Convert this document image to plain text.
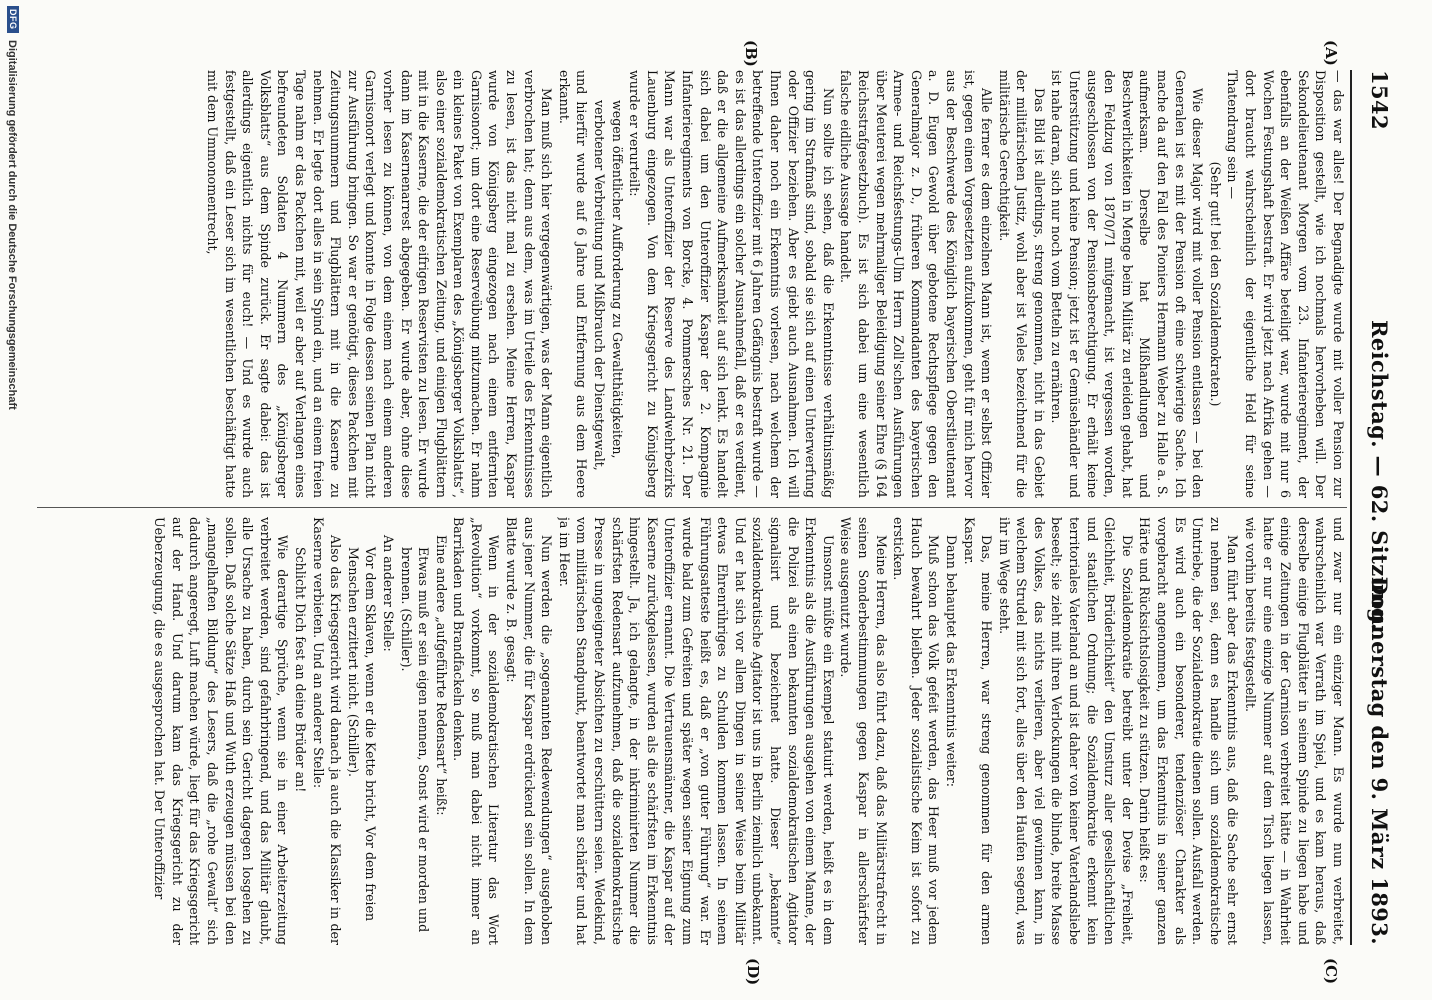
1542
Reichstag. — 62. Sitzung.
Donnerstag den 9. März 1893.
(A)
(B)
(C)
(D)

— das war alles! Der Begnadigte wurde mit voller Pension zur Disposition gestellt, wie ich nochmals hervorheben will. Der Sekondelieutenant Morgen vom 23. Infanterieregiment, der ebenfalls an der Weißen Affäre beteiligt war, wurde mit nur 6 Wochen Festungshaft bestraft. Er wird jetzt nach Afrika gehen — dort braucht wahrscheinlich der eigentliche Held für seine Thatendrang sein —

(Sehr gut! bei den Sozialdemokraten.)

Wie dieser Major wird mit voller Pension entlassen — bei den Generalen ist es mit der Pension oft eine schwierige Sache. Ich mache da auf den Fall des Pioniers Hermann Weber zu Halle a. S. aufmerksam. Derselbe hat Mißhandlungen und Beschwerlichkeiten in Menge beim Militär zu erleiden gehabt, hat den Feldzug von 1870/71 mitgemacht, ist vergessen worden, ausgeschlossen von der Pensionsberechtigung. Er erhält keine Unterstützung und keine Pension; jetzt ist er Gemüsehändler und ist nahe daran, sich nur noch vom Betteln zu ernähren.

Das Bild ist allerdings, streng genommen, nicht in das Gebiet der militärischen Justiz, wohl aber ist Vieles bezeichnend für die militärische Gerechtigkeit.

Alle ferner es dem einzelnen Mann ist, wenn er selbst Offizier ist, gegen einen Vorgesetzten aufzukommen, geht für mich hervor aus der Beschwerde des Königlich bayerischen Oberstlieutenant a. D. Eugen Gewold über gebotene Rechtspflege gegen den Generalmajor z. D., früheren Kommandanten des bayerischen Armee- und Reichsfestungs-Ulm Herrn Zoll'schen Ausführungen über Meuterei wegen mehrmaliger Beleidigung seiner Ehre (§ 164 Reichsstrafgesetzbuch). Es ist sich dabei um eine wesentlich falsche eidliche Aussage handelt.

Nun sollte ich sehen, daß die Erkenntnisse verhältnismäßig gering im Strafmaß sind, sobald sie sich auf einen Unterwerfung oder Offizier beziehen. Aber es giebt auch Ausnahmen. Ich will Ihnen daher noch ein Erkenntnis vorlesen, nach welchem der betreffende Unteroffizier mit 6 Jahren Gefängnis bestraft wurde — es ist das allerdings ein solcher Ausnahmefall, daß er es verdient, daß er die allgemeine Aufmerksamkeit auf sich lenkt. Es handelt sich dabei um den Unteroffizier Kaspar der 2. Kompagnie Infanterieregiments von Borcke, 4. Pommersches Nr. 21. Der Mann war als Unteroffizier der Reserve des Landwehrbezirks Lauenburg eingezogen. Von dem Kriegsgericht zu Königsberg wurde er verurteilt:

wegen öffentlicher Aufforderung zu Gewaltthätigkeiten, verbotener Verbreitung und Mißbrauch der Dienstgewalt,

und hierfür wurde auf 6 Jahre und Entfernung aus dem Heere erkannt.

Man muß sich hier vergegenwärtigen, was der Mann eigentlich verbrochen hat; denn aus dem, was im Urteile des Erkenntnisses zu lesen, ist das nicht mal zu ersehen. Meine Herren, Kaspar wurde von Königsberg eingezogen nach einem entfernten Garnisonort; um dort eine Reserveübung mitzumachen. Er nahm ein kleines Paket von Exemplaren des „Königsberger Volksblatts“, also einer sozialdemokratischen Zeitung, und einigen Flugblättern mit in die Kaserne, die der eifrigen Reservisten zu lesen. Er wurde dann im Kasernenarrest abgegeben. Er wurde aber, ohne diese vorher lesen zu können, von dem einem nach einem anderen Garnisonort verlegt und konnte in Folge dessen seinen Plan nicht zur Ausführung bringen. So war er genötigt, dieses Packchen mit Zeitungsnummern und Flugblättern mit in die Kaserne zu nehmen. Er legte dort alles in sein Spind ein, und an einem freien Tage nahm er das Packchen mit, weil er aber auf Verlangen eines befreundeten Soldaten 4 Nummern des „Königsberger Volksblatts“ aus dem Spinde zurück. Er sagte dabei: das ist allerdings eigentlich nichts für euch! — Und es wurde auch festgestellt, daß ein Leser sich im wesentlichen beschäftigt hatte mit dem Ummonomentrecht,

und zwar nur ein einziger Mann. Es wurde nun verbreitet, wahrscheinlich war Verrath im Spiel, und es kam heraus, daß derselbe einige Flugblätter in seinem Spinde zu liegen habe und einige Zeitungen in der Garnison verbreitet hätte — in Wahrheit hatte er nur eine einzige Nummer auf dem Tisch liegen lassen, wie vorhin bereits festgestellt.

Man führt aber das Erkenntnis aus, daß die Sache sehr ernst zu nehmen sei, denn es handle sich um sozialdemokratische Umtriebe, die der Sozialdemokratie dienen sollen. Ausfall werden. Es wird auch ein besonderer, tendenziöser Charakter als vorgebracht angenommen, um das Erkenntnis in seiner ganzen Härte und Rücksichtslosigkeit zu stützen. Darin heißt es:

Die Sozialdemokratie betreibt unter der Devise „Freiheit, Gleichheit, Brüderlichkeit“ den Umsturz aller gesellschaftlichen und staatlichen Ordnung; die Sozialdemokratie erkennt kein territoriales Vaterland an und ist daher von keiner Vaterlandsliebe beseelt; sie zieht mit ihren Verlockungen die blinde, breite Masse des Volkes, das nichts verlieren, aber viel gewinnen kann, in welchem Strudel mit sich fort, alles über den Haufen segend, was ihr im Wege steht.

Das, meine Herren, war streng genommen für den armen Kaspar.

Dann behauptet das Erkenntnis weiter:

Muß schon das Volk gefeit werden, das Heer muß vor jedem Hauch bewahrt bleiben. Jeder sozialistische Keim ist sofort zu ersticken.

Meine Herren, das also führt dazu, daß das Militärstrafrecht in seinen Sonderbestimmungen gegen Kaspar in allerschärfster Weise ausgenutzt wurde.

Umsonst müßte ein Exempel statuirt werden, heißt es in dem Erkenntnis als die Ausführungen ausgehen von einem Manne, der die Polizei als einen bekannten sozialdemokratischen Agitator signalisirt und bezeichnet hatte. Dieser „bekannte“ sozialdemokratische Agitator ist uns in Berlin ziemlich unbekannt. Und er hat sich vor allem Dingen in seiner Weise beim Militär etwas Ehrenrühriges zu Schulden kommen lassen. In seinem Führungsatteste heißt es, daß er „von guter Führung“ war. Er wurde bald zum Gefreiten und später wegen seiner Eignung zum Unteroffizier ernannt. Die Vertrauensmänner, die Kaspar auf der Kaserne zurückgelassen, wurden als die schärfsten im Erkenntnis hingestellt. Ja, ich gelangte, in der inkriminirten Nummer die schärfsten Redensart aufzunehmen, daß die sozialdemokratische Presse in ungeeigneter Absichten zu erschüttern seien. Wedekind, vom militärischen Standpunkt, beantwortet man schärfer und hat ja im Heer.

Nun werden die „sogenannten Redewendungen“ ausgehoben aus jener Nummer, die für Kaspar erdrückend sein sollen. In dem Blatte wurde z. B. gesagt:

Wenn in der sozialdemokratischen Literatur das Wort „Revolution“ vorkommt, so muß man dabei nicht immer an Barrikaden und Brandfackeln denken.

Eine andere „aufgeführte Redensart“ heißt:

Etwas muß er sein eigen nennen, Sonst wird er morden und brennen. (Schiller).

An anderer Stelle:

Vor dem Sklaven, wenn er die Kette bricht, Vor dem freien Menschen erzittert nicht. (Schiller).

Also das Kriegsgericht wird danach ja auch die Klassiker in der Kaserne verbieten. Und an anderer Stelle:

Schlicht Dich fest an deine Brüder an!

Wie derartige Sprüche, wenn sie in einer Arbeiterzeitung verbreitet werden, sind gefahrbringend, und das Militär glaubt, alle Ursache zu haben, durch sein Gericht dagegen losgehen zu sollen. Daß solche Sätze Haß und Wuth erzeugen müssen bei den „mangelhaften Bildung“ des Lesers, daß die „rohe Gewalt“ sich dadurch angeregt, Luft machen würde, liegt für das Kriegsgericht auf der Hand. Und darum kam das Kriegsgericht zu der Ueberzeugung, die es ausgesprochen hat. Der Unteroffizier

DFG
Digitalisierung gefördert durch die Deutsche Forschungsgemeinschaft
